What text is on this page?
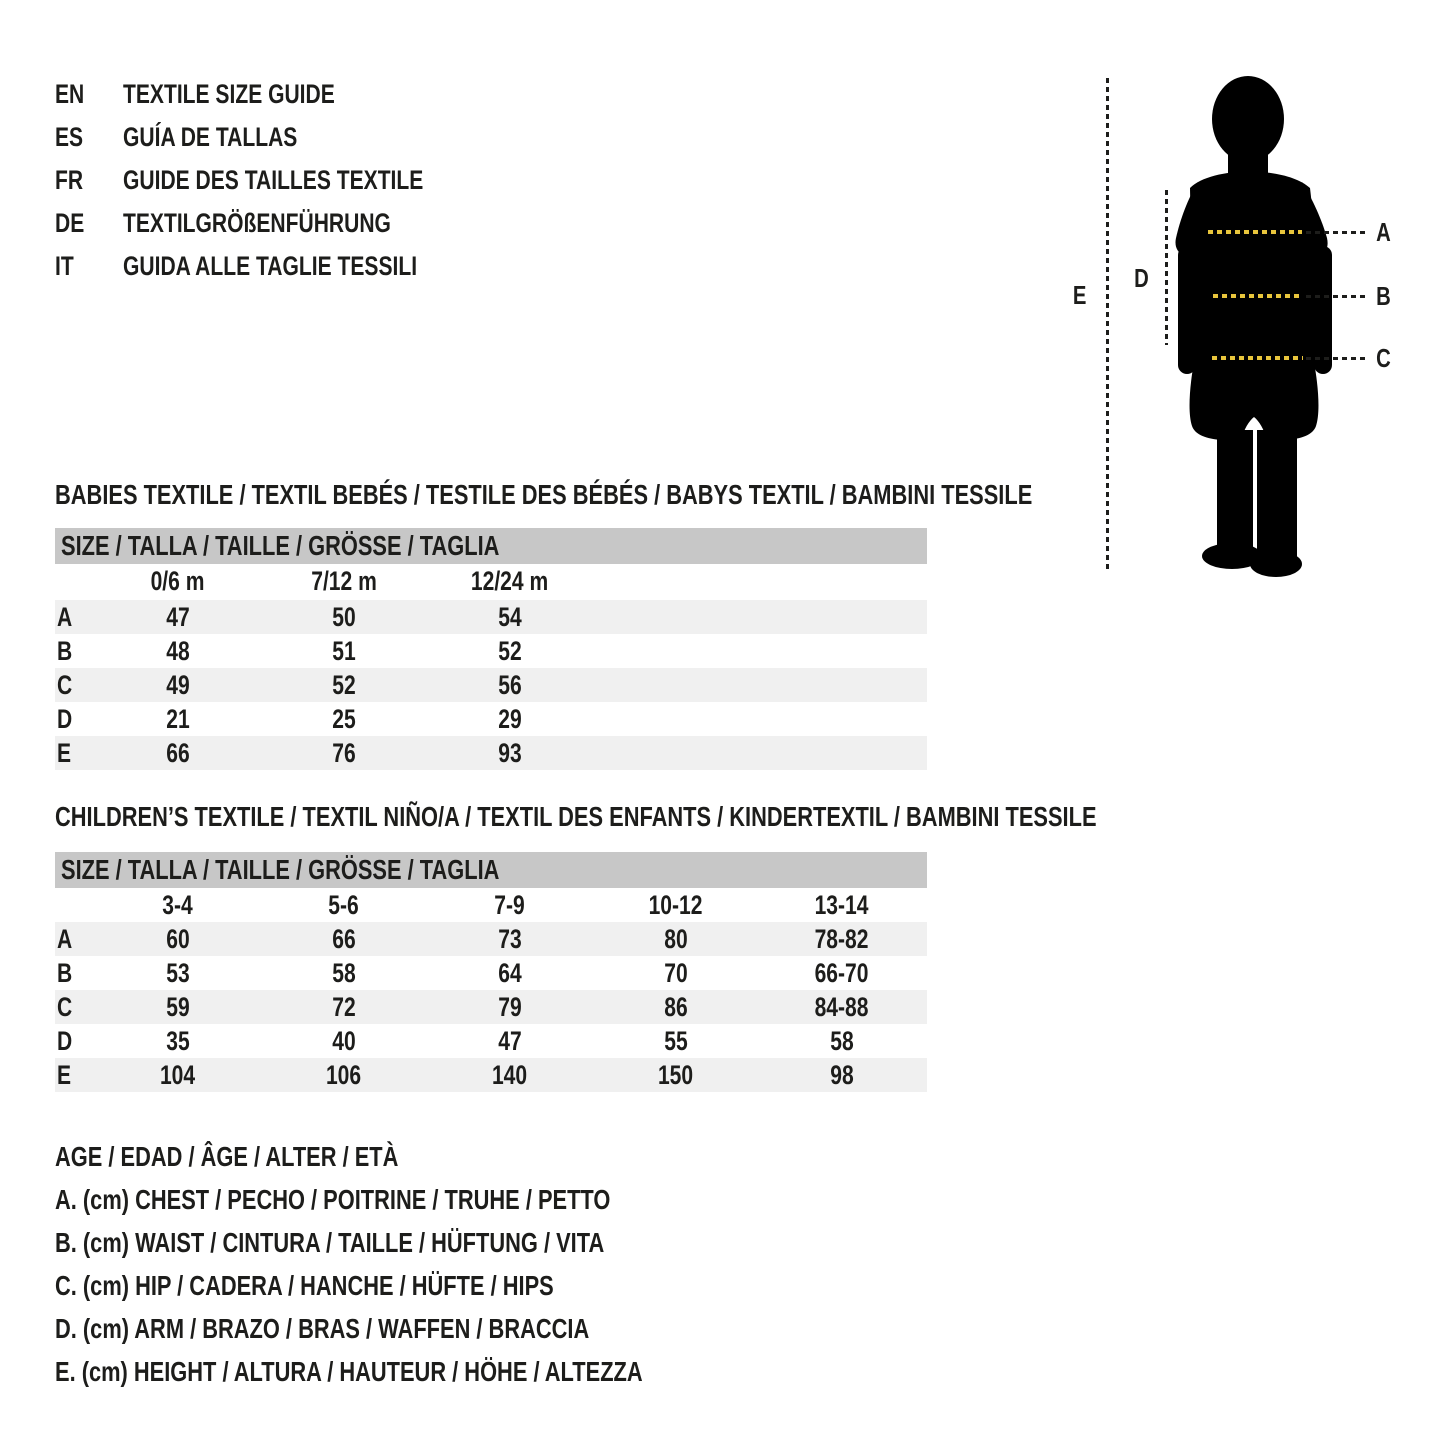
EN	TEXTILE SIZE GUIDE
ES GUÍA DE TALLAS
FR GUIDE DES TAILLES TEXTILE
DE	TEXTILGRÖßENFÜHRUNG
IT GUIDA ALLE TAGLIE TESSILI
E
D
A
B
C
BABIES TEXTILE / TEXTIL BEBÉS / TESTILE DES BÉBÉS / BABYS TEXTIL / BAMBINI TESSILE
SIZE / TALLA / TAILLE / GRÖSSE / TAGLIA
0/6 m	7/12 m	12/24 m
A	47	50	54
B	48	51	52
C	49	52	56
D	21	25	29
E	66	76	93
CHILDREN’S TEXTILE / TEXTIL NIÑO/A / TEXTIL DES ENFANTS / KINDERTEXTIL / BAMBINI TESSILE
SIZE / TALLA / TAILLE / GRÖSSE / TAGLIA
3-4	5-6	7-9	10-12	13-14
A	60	66	73	80	78-82
B	53	58	64	70	66-70
C	59	72	79	86	84-88
D	35	40	47	55	58
E	104	106	140	150	98
AGE / EDAD / ÂGE / ALTER / ETÀ
A. (cm) CHEST / PECHO / POITRINE / TRUHE / PETTO
B. (cm) WAIST / CINTURA / TAILLE / HÜFTUNG / VITA
C. (cm) HIP / CADERA / HANCHE / HÜFTE / HIPS
D. (cm) ARM / BRAZO / BRAS / WAFFEN / BRACCIA
E. (cm) HEIGHT / ALTURA / HAUTEUR / HÖHE / ALTEZZA
